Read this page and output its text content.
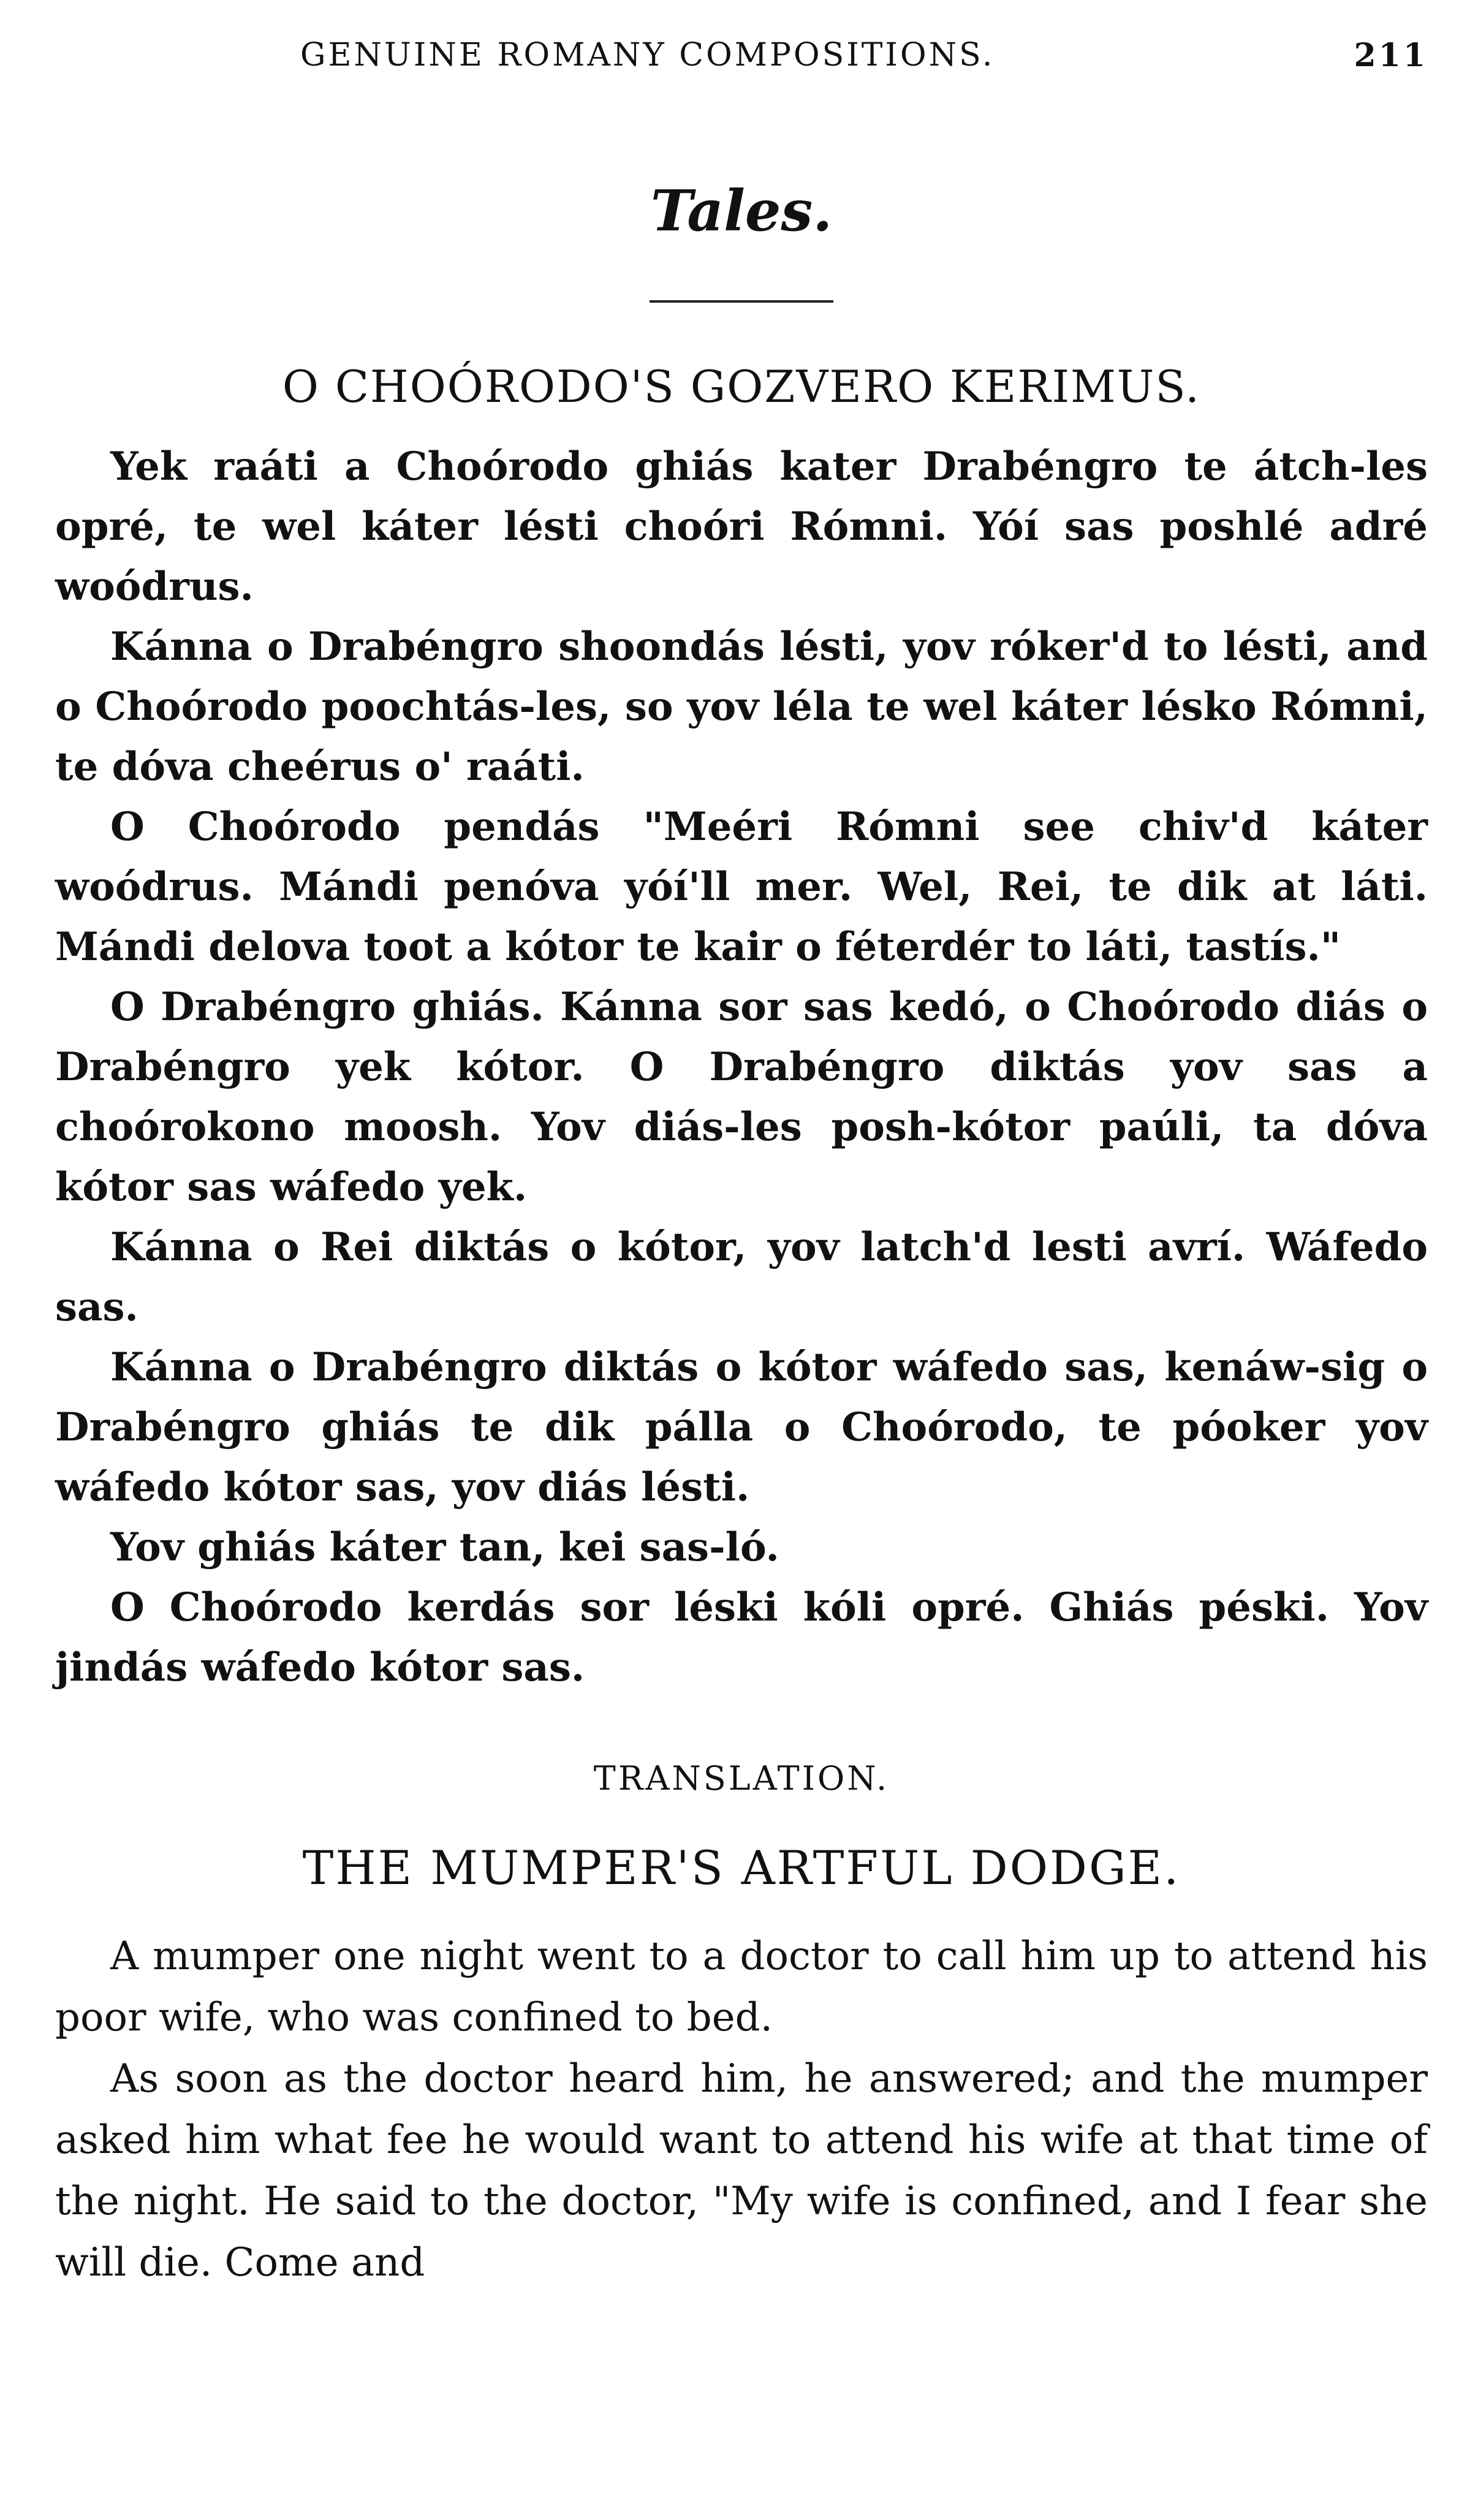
GENUINE ROMANY COMPOSITIONS.	211
Tales.
O CHOÓRODO'S GOZVERO KERIMUS.

Yek raáti a Choórodo ghiás kater Drabéngro te átch-les opré, te wel káter lésti choóri Rómni. Yóí sas poshlé adré woódrus.

Kánna o Drabéngro shoondás lésti, yov róker'd to lésti, and o Choórodo poochtás-les, so yov léla te wel káter lésko Rómni, te dóva cheérus o' raáti.

O Choórodo pendás "Meéri Rómni see chiv'd káter woódrus. Mándi penóva yóí'll mer. Wel, Rei, te dik at láti. Mándi delova toot a kótor te kair o féterdér to láti, tastís."

O Drabéngro ghiás. Kánna sor sas kedó, o Choórodo diás o Drabéngro yek kótor. O Drabéngro diktás yov sas a choórokono moosh. Yov diás-les posh-kótor paúli, ta dóva kótor sas wáfedo yek.

Kánna o Rei diktás o kótor, yov latch'd lesti avrí. Wáfedo sas.

Kánna o Drabéngro diktás o kótor wáfedo sas, kenáw-sig o Drabéngro ghiás te dik pálla o Choórodo, te póoker yov wáfedo kótor sas, yov diás lésti.

Yov ghiás káter tan, kei sas-ló.

O Choórodo kerdás sor léski kóli opré. Ghiás péski. Yov jindás wáfedo kótor sas.

TRANSLATION.
THE MUMPER'S ARTFUL DODGE.

A mumper one night went to a doctor to call him up to attend his poor wife, who was confined to bed.

As soon as the doctor heard him, he answered; and the mumper asked him what fee he would want to attend his wife at that time of the night. He said to the doctor, "My wife is confined, and I fear she will die. Come and
